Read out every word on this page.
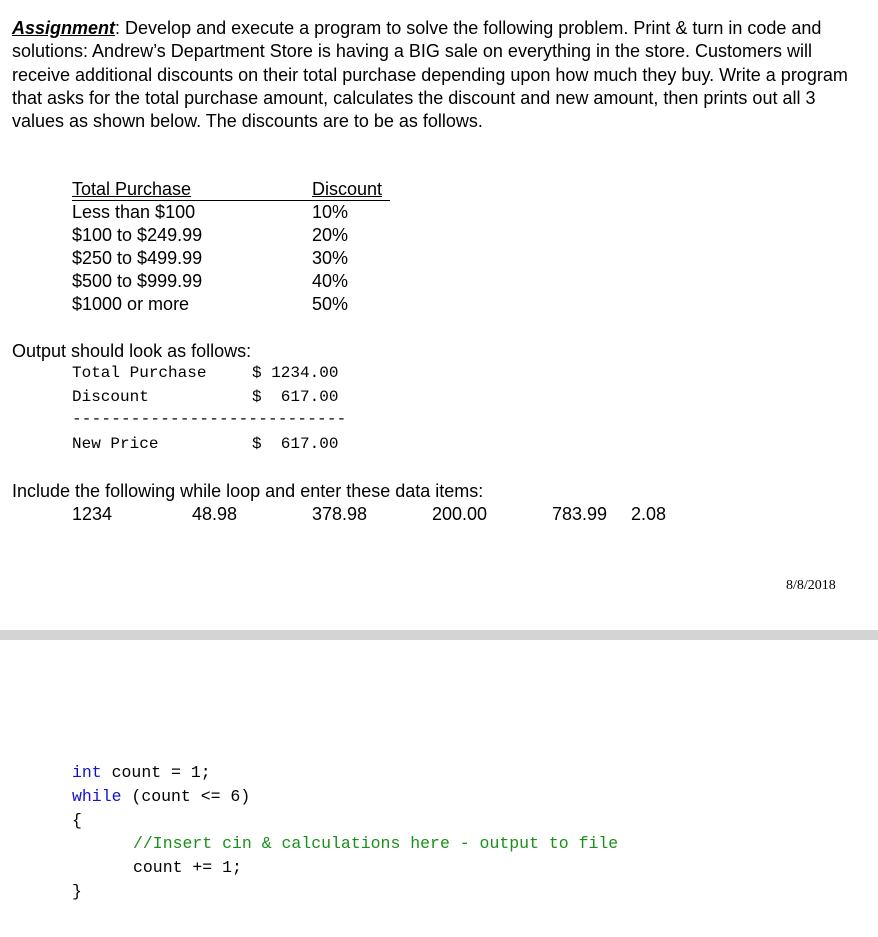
Assignment: Develop and execute a program to solve the following problem. Print & turn in code and solutions: Andrew’s Department Store is having a BIG sale on everything in the store. Customers will receive additional discounts on their total purchase depending upon how much they buy. Write a program that asks for the total purchase amount, calculates the discount and new amount, then prints out all 3 values as shown below. The discounts are to be as follows.
Total Purchase	Discount
Less than $100	10%
$100 to $249.99	20%
$250 to $499.99	30%
$500 to $999.99	40%
$1000 or more	50%
Output should look as follows:
Total Purchase	$ 1234.00
Discount	$  617.00
----------------------------
New Price	$  617.00
Include the following while loop and enter these data items:
1234	48.98	378.98	200.00	783.99 2.08
8/8/2018
int count = 1;
while (count <= 6)
{
//Insert cin & calculations here - output to file
count += 1;
}
